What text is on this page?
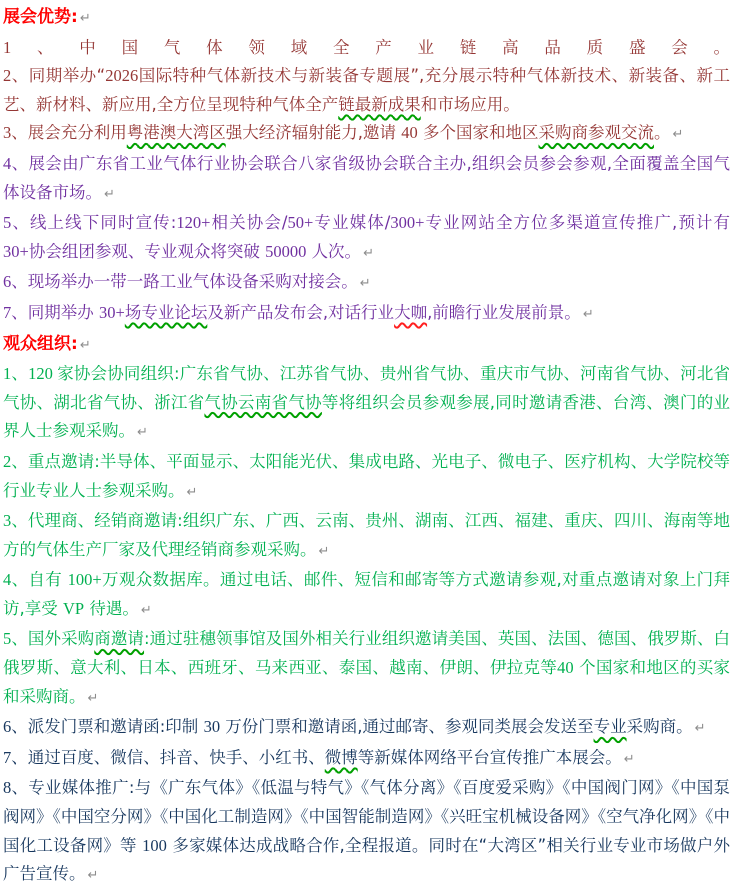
展会优势: ↵

1、中国气体领域全产业链高品质盛会。

2、同期举办“2026国际特种气体新技术与新装备专题展”,充分展示特种气体新技术、新装备、新工艺、新材料、新应用,全方位呈现特种气体全产链最新成果和市场应用。

3、展会充分利用粤港澳大湾区强大经济辐射能力,邀请 40 多个国家和地区采购商参观交流。 ↵

4、展会由广东省工业气体行业协会联合八家省级协会联合主办,组织会员参会参观,全面覆盖全国气体设备市场。 ↵

5、线上线下同时宣传:120+相关协会/50+专业媒体/300+专业网站全方位多渠道宣传推广,预计有30+协会组团参观、专业观众将突破 50000 人次。 ↵

6、现场举办一带一路工业气体设备采购对接会。 ↵

7、同期举办 30+场专业论坛及新产品发布会,对话行业大咖,前瞻行业发展前景。 ↵

观众组织: ↵

1、120 家协会协同组织:广东省气协、江苏省气协、贵州省气协、重庆市气协、河南省气协、河北省气协、湖北省气协、浙江省气协云南省气协等将组织会员参观参展,同时邀请香港、台湾、澳门的业界人士参观采购。 ↵

2、重点邀请:半导体、平面显示、太阳能光伏、集成电路、光电子、微电子、医疗机构、大学院校等行业专业人士参观采购。 ↵

3、代理商、经销商邀请:组织广东、广西、云南、贵州、湖南、江西、福建、重庆、四川、海南等地方的气体生产厂家及代理经销商参观采购。 ↵

4、自有 100+万观众数据库。通过电话、邮件、短信和邮寄等方式邀请参观,对重点邀请对象上门拜访,享受 VP 待遇。 ↵

5、国外采购商邀请:通过驻穗领事馆及国外相关行业组织邀请美国、英国、法国、德国、俄罗斯、白俄罗斯、意大利、日本、西班牙、马来西亚、泰国、越南、伊朗、伊拉克等40 个国家和地区的买家和采购商。 ↵

6、派发门票和邀请函:印制 30 万份门票和邀请函,通过邮寄、参观同类展会发送至专业采购商。 ↵

7、通过百度、微信、抖音、快手、小红书、微博等新媒体网络平台宣传推广本展会。 ↵

8、专业媒体推广:与《广东气体》《低温与特气》《气体分离》《百度爱采购》《中国阀门网》《中国泵阀网》《中国空分网》《中国化工制造网》《中国智能制造网》《兴旺宝机械设备网》《空气净化网》《中国化工设备网》等 100 多家媒体达成战略合作,全程报道。同时在“大湾区”相关行业专业市场做户外广告宣传。 ↵
